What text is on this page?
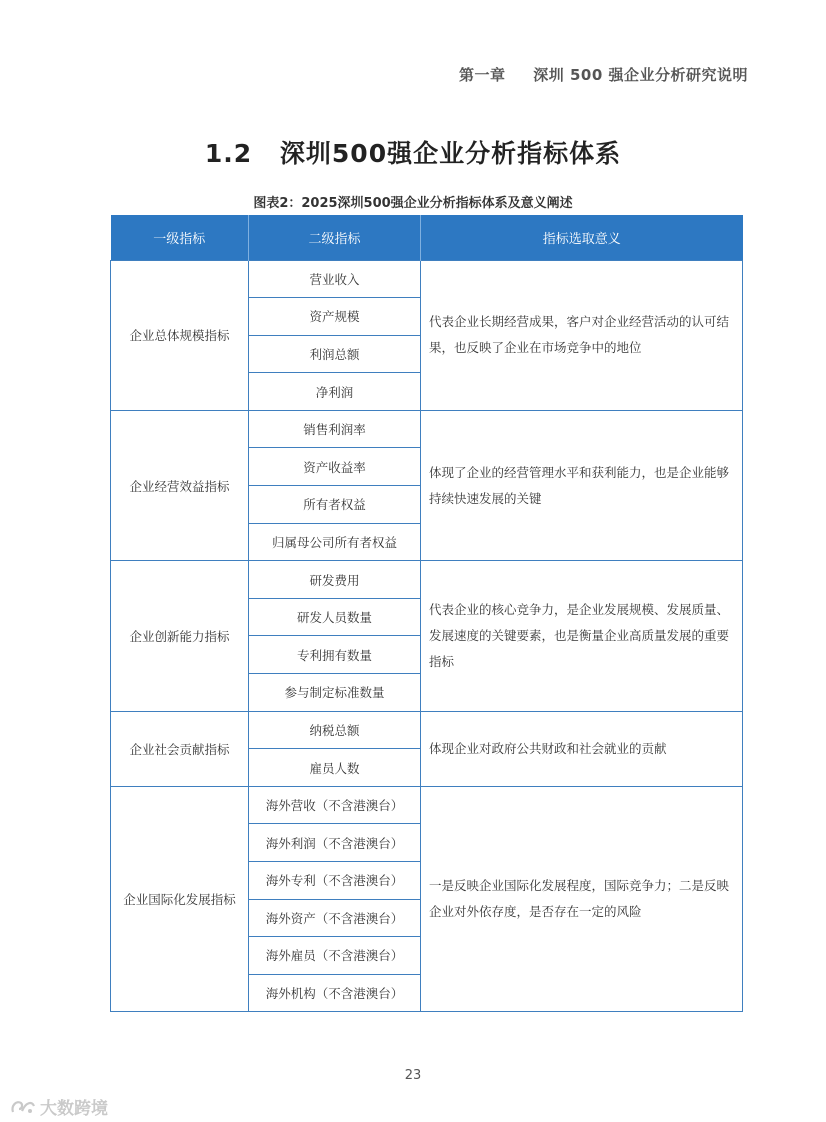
第一章 深圳 500 强企业分析研究说明
1.2 深圳500强企业分析指标体系
图表2：2025深圳500强企业分析指标体系及意义阐述
一级指标	二级指标	指标选取意义
企业总体规模指标	营业收入	代表企业长期经营成果，客户对企业经营活动的认可结果，也反映了企业在市场竞争中的地位
	资产规模	
	利润总额	
	净利润	
企业经营效益指标	销售利润率	体现了企业的经营管理水平和获利能力，也是企业能够持续快速发展的关键
	资产收益率	
	所有者权益	
	归属母公司所有者权益	
企业创新能力指标	研发费用	代表企业的核心竞争力，是企业发展规模、发展质量、发展速度的关键要素，也是衡量企业高质量发展的重要指标
	研发人员数量	
	专利拥有数量	
	参与制定标准数量	
企业社会贡献指标	纳税总额	体现企业对政府公共财政和社会就业的贡献
	雇员人数	
企业国际化发展指标	海外营收（不含港澳台）	一是反映企业国际化发展程度，国际竞争力；二是反映企业对外依存度，是否存在一定的风险
	海外利润（不含港澳台）	
	海外专利（不含港澳台）	
	海外资产（不含港澳台）	
	海外雇员（不含港澳台）	
	海外机构（不含港澳台）	
23
大数跨境
